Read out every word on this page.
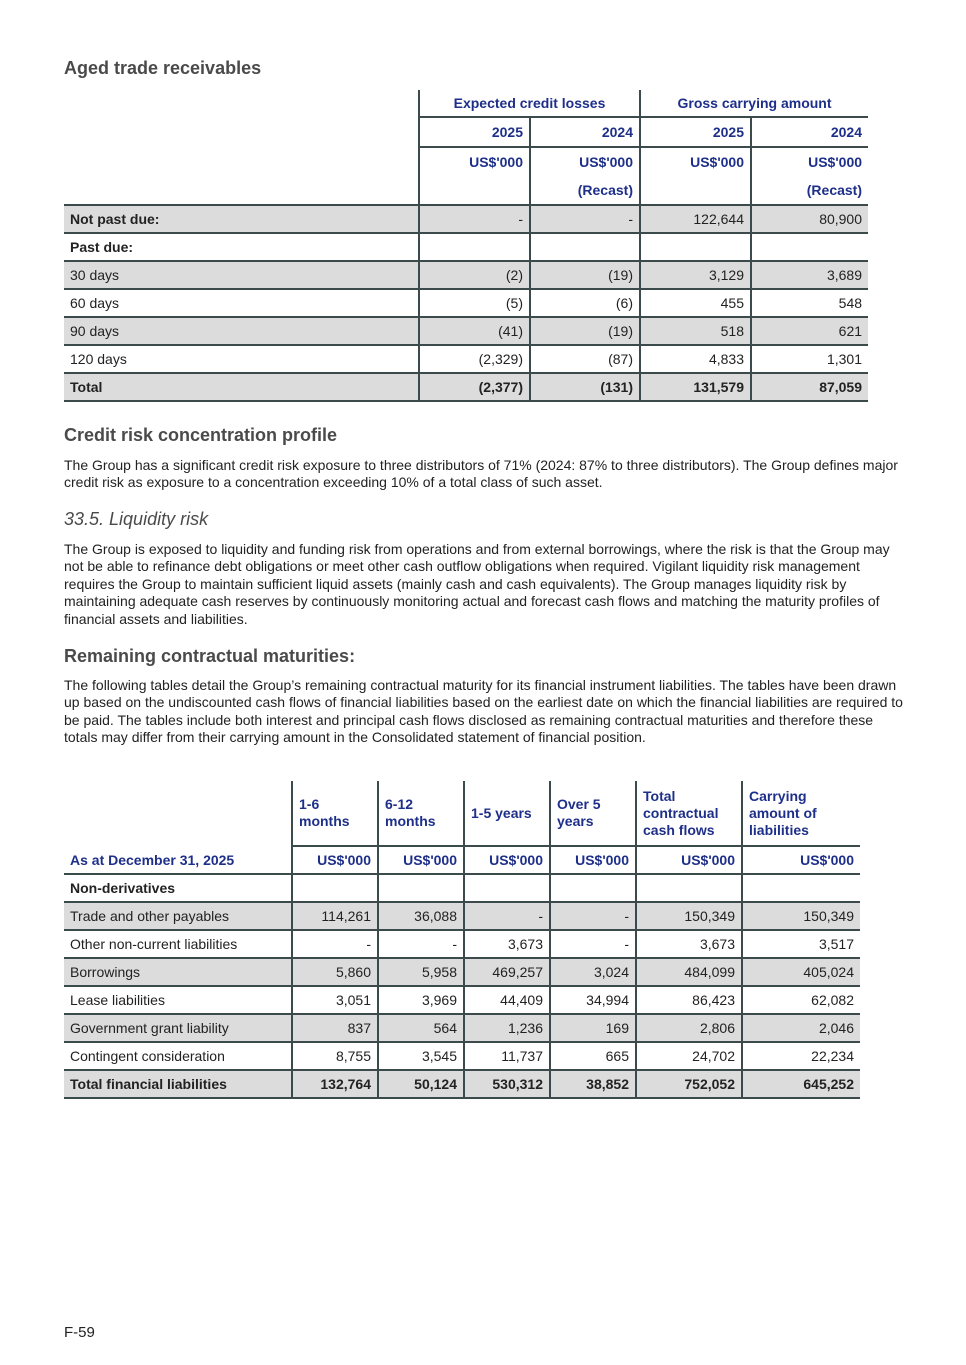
Aged trade receivables
	Expected credit losses		Gross carrying amount	
	2025	2024	2025	2024
	US$'000	US$'000	US$'000	US$'000
		(Recast)		(Recast)
Not past due:	-	-	122,644	80,900
Past due:				
30 days	(2)	(19)	3,129	3,689
60 days	(5)	(6)	455	548
90 days	(41)	(19)	518	621
120 days	(2,329)	(87)	4,833	1,301
Total	(2,377)	(131)	131,579	87,059
Credit risk concentration profile

The Group has a significant credit risk exposure to three distributors of 71% (2024: 87% to three distributors). The Group defines major credit risk as exposure to a concentration exceeding 10% of a total class of such asset.

33.5. Liquidity risk

The Group is exposed to liquidity and funding risk from operations and from external borrowings, where the risk is that the Group may not be able to refinance debt obligations or meet other cash outflow obligations when required. Vigilant liquidity risk management requires the Group to maintain sufficient liquid assets (mainly cash and cash equivalents). The Group manages liquidity risk by maintaining adequate cash reserves by continuously monitoring actual and forecast cash flows and matching the maturity profiles of financial assets and liabilities.

Remaining contractual maturities:

The following tables detail the Group’s remaining contractual maturity for its financial instrument liabilities. The tables have been drawn up based on the undiscounted cash flows of financial liabilities based on the earliest date on which the financial liabilities are required to be paid. The tables include both interest and principal cash flows disclosed as remaining contractual maturities and therefore these totals may differ from their carrying amount in the Consolidated statement of financial position.

	1-6 months	6-12 months	1-5 years	Over 5 years	Total contractual cash flows	Carrying amount of liabilities
As at December 31, 2025	US$'000	US$'000	US$'000	US$'000	US$'000	US$'000
Non-derivatives						
Trade and other payables	114,261	36,088	-	-	150,349	150,349
Other non-current liabilities	-	-	3,673	-	3,673	3,517
Borrowings	5,860	5,958	469,257	3,024	484,099	405,024
Lease liabilities	3,051	3,969	44,409	34,994	86,423	62,082
Government grant liability	837	564	1,236	169	2,806	2,046
Contingent consideration	8,755	3,545	11,737	665	24,702	22,234
Total financial liabilities	132,764	50,124	530,312	38,852	752,052	645,252

F-59
